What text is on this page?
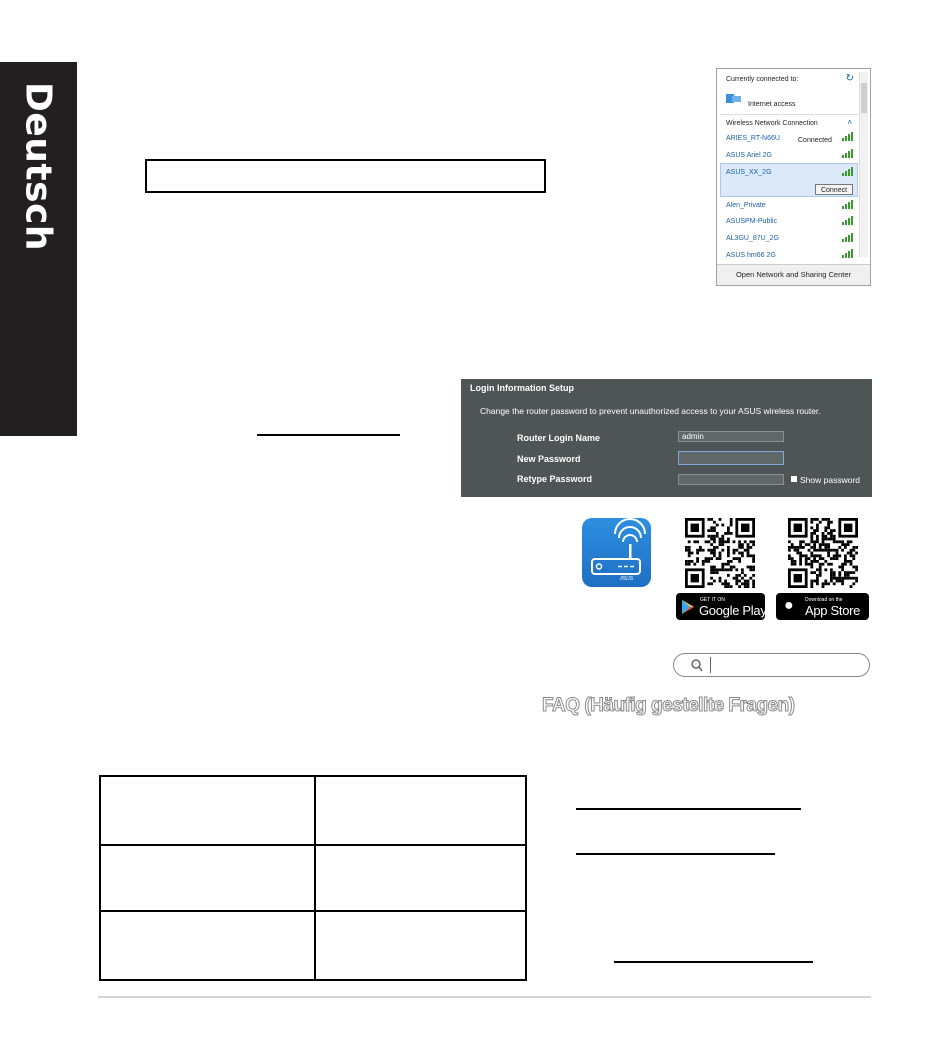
Deutsch
Currently connected to:	↻
Internet access
Wireless Network Connection	˄
ARIES_RT-N66U	Connected
ASUS Ariel 2G
ASUS_XX_2G
Connect
Alen_Private
ASUSPM-Public
AL3GU_87U_2G
ASUS hm66 2G
Open Network and Sharing Center
Login Information Setup
Change the router password to prevent unauthorized access to your ASUS wireless router.
Router Login Name	admin
New Password
Retype Password	Show password
/ISUS
GET IT ON
Google Play ● Download on the
App Store
FAQ (Häufig gestellte Fragen)
